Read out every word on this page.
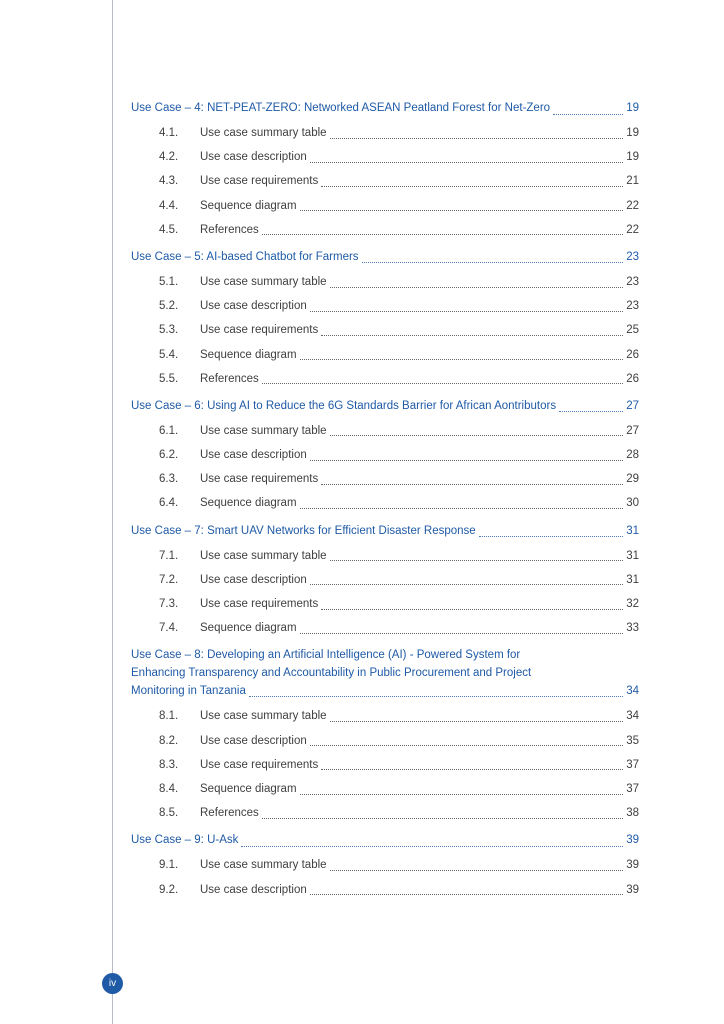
Use Case – 4: NET-PEAT-ZERO: Networked ASEAN Peatland Forest for Net-Zero	19
4.1.	Use case summary table	19
4.2.	Use case description	19
4.3.	Use case requirements	21
4.4.	Sequence diagram	22
4.5.	References	22
Use Case – 5: AI-based Chatbot for Farmers	23
5.1.	Use case summary table	23
5.2.	Use case description	23
5.3.	Use case requirements	25
5.4.	Sequence diagram	26
5.5.	References	26
Use Case – 6: Using AI to Reduce the 6G Standards Barrier for African Aontributors	27
6.1.	Use case summary table	27
6.2.	Use case description	28
6.3.	Use case requirements	29
6.4.	Sequence diagram	30
Use Case – 7: Smart UAV Networks for Efficient Disaster Response	31
7.1.	Use case summary table	31
7.2.	Use case description	31
7.3.	Use case requirements	32
7.4.	Sequence diagram	33
Use Case – 8: Developing an Artificial Intelligence (AI) - Powered System for
Enhancing Transparency and Accountability in Public Procurement and Project
Monitoring in Tanzania	34
8.1.	Use case summary table	34
8.2.	Use case description	35
8.3.	Use case requirements	37
8.4.	Sequence diagram	37
8.5.	References	38
Use Case – 9: U-Ask	39
9.1.	Use case summary table	39
9.2.	Use case description	39
iv
